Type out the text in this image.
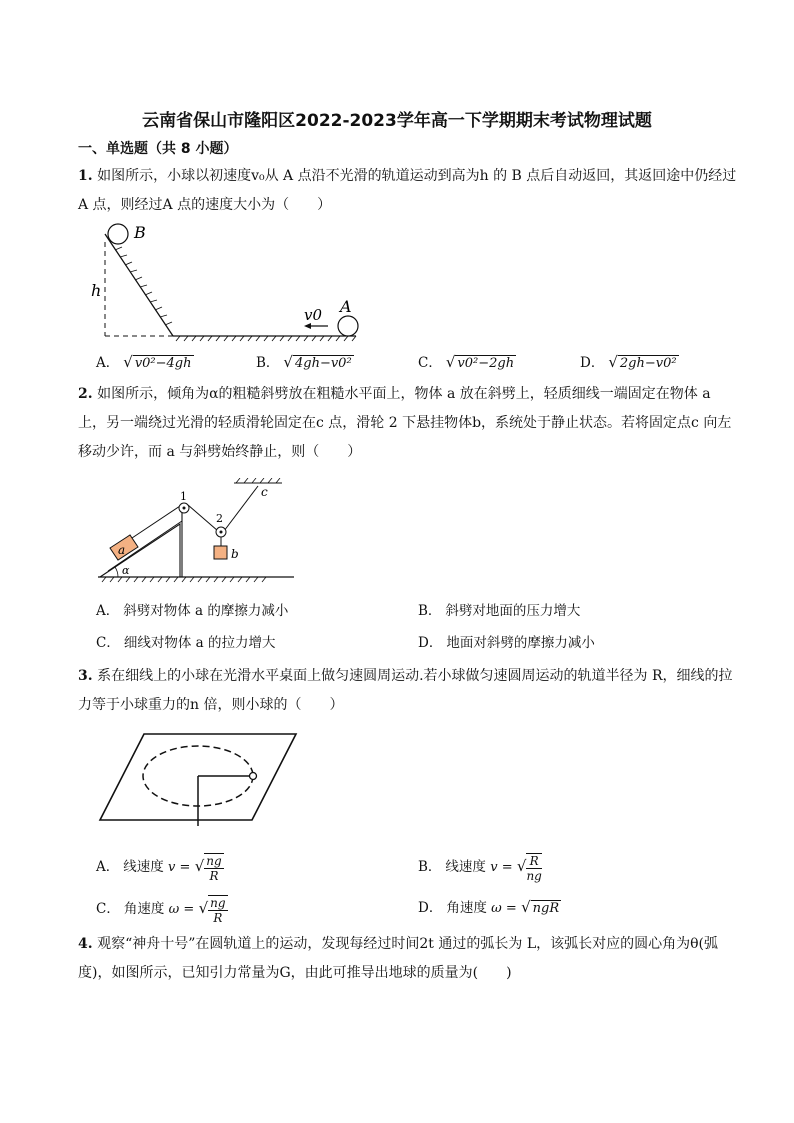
云南省保山市隆阳区2022-2023学年高一下学期期末考试物理试题
一、单选题（共 8 小题）
1. 如图所示，小球以初速度v₀从 A 点沿不光滑的轨道运动到高为h 的 B 点后自动返回，其返回途中仍经过A 点，则经过A 点的速度大小为（　　）
B
h
A
v0
A． √ v0²−4gh	B． √ 4gh−v0²	C． √ v0²−2gh	D． √ 2gh−v0²
2. 如图所示，倾角为α的粗糙斜劈放在粗糙水平面上，物体 a 放在斜劈上，轻质细线一端固定在物体 a 上，另一端绕过光滑的轻质滑轮固定在c 点，滑轮 2 下悬挂物体b，系统处于静止状态。若将固定点c 向左移动少许，而 a 与斜劈始终静止，则（　　）
a
1
2
b
c
α
A． 斜劈对物体 a 的摩擦力减小	B． 斜劈对地面的压力增大
C． 细线对物体 a 的拉力增大	D． 地面对斜劈的摩擦力减小
3. 系在细线上的小球在光滑水平桌面上做匀速圆周运动.若小球做匀速圆周运动的轨道半径为 R，细线的拉力等于小球重力的n 倍，则小球的（　　）
A． 线速度 v = √ $\frac{ng}{R}$	B． 线速度 v = √ $\frac{R}{ng}$
C． 角速度 ω = √ $\frac{ng}{R}$	D． 角速度 ω = √ ngR
4. 观察“神舟十号”在圆轨道上的运动，发现每经过时间2t 通过的弧长为 L，该弧长对应的圆心角为θ(弧度)，如图所示，已知引力常量为G，由此可推导出地球的质量为(　　)
